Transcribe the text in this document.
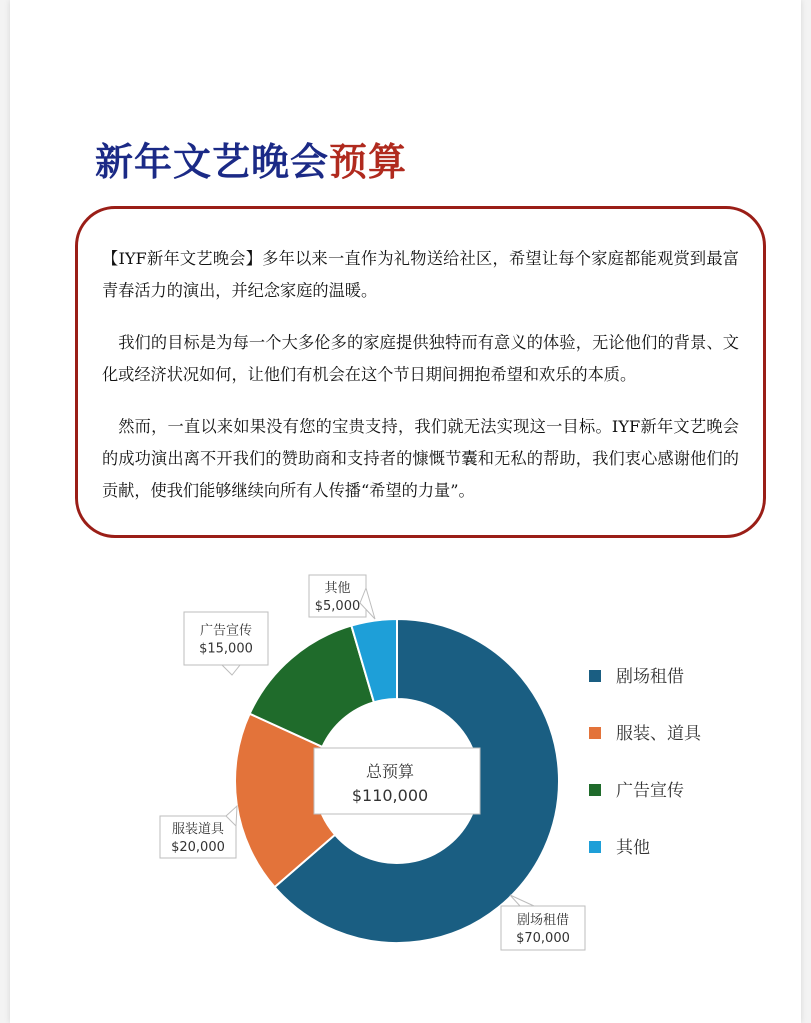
新年文艺晚会预算

【IYF新年文艺晚会】多年以来一直作为礼物送给社区，希望让每个家庭都能观赏到最富青春活力的演出，并纪念家庭的温暖。

我们的目标是为每一个大多伦多的家庭提供独特而有意义的体验，无论他们的背景、文化或经济状况如何，让他们有机会在这个节日期间拥抱希望和欢乐的本质。

然而，一直以来如果没有您的宝贵支持，我们就无法实现这一目标。IYF新年文艺晚会的成功演出离不开我们的赞助商和支持者的慷慨节囊和无私的帮助，我们衷心感谢他们的贡献，使我们能够继续向所有人传播“希望的力量”。

总预算
$110,000
剧场租借
$70,000
服装道具
$20,000
广告宣传
$15,000
其他
$5,000
剧场租借
服装、道具
广告宣传
其他
